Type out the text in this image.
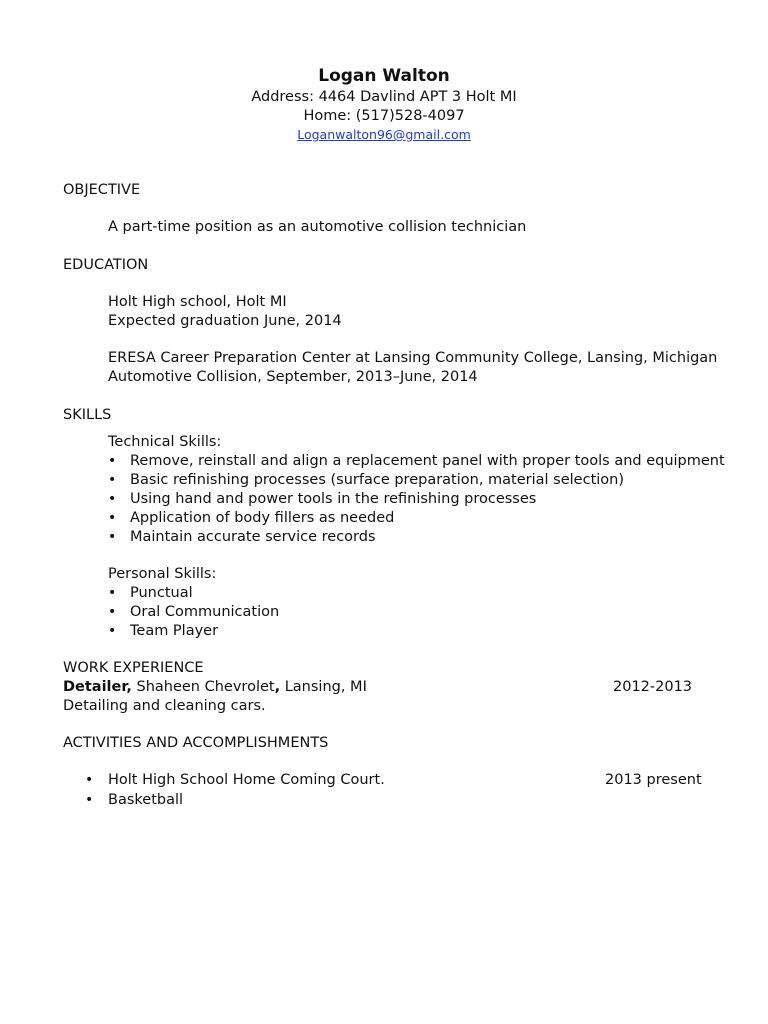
Logan Walton
Address: 4464 Davlind APT 3 Holt MI
Home: (517)528-4097
Loganwalton96@gmail.com
OBJECTIVE
A part-time position as an automotive collision technician
EDUCATION
Holt High school, Holt MI
Expected graduation June, 2014
ERESA Career Preparation Center at Lansing Community College, Lansing, Michigan
Automotive Collision, September, 2013–June, 2014
SKILLS
Technical Skills:
• Remove, reinstall and align a replacement panel with proper tools and equipment
• Basic refinishing processes (surface preparation, material selection)
• Using hand and power tools in the refinishing processes
• Application of body fillers as needed
• Maintain accurate service records
Personal Skills:
• Punctual
• Oral Communication
• Team Player
WORK EXPERIENCE
Detailer, Shaheen Chevrolet, Lansing, MI	2012-2013
Detailing and cleaning cars.
ACTIVITIES AND ACCOMPLISHMENTS
• Holt High School Home Coming Court.	2013 present
• Basketball
